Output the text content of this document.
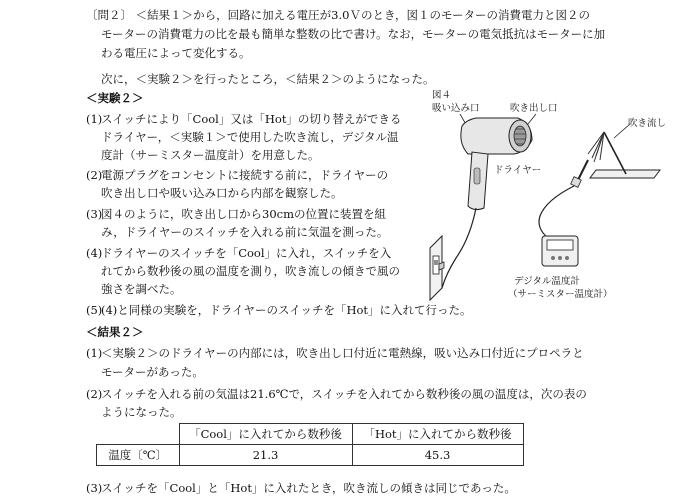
〔問２〕 ＜結果１＞から，回路に加える電圧が3.0Ｖのとき，図１のモーターの消費電力と図２の
モーターの消費電力の比を最も簡単な整数の比で書け。なお，モーターの電気抵抗はモーターに加
わる電圧によって変化する。
次に，＜実験２＞を行ったところ，＜結果２＞のようになった。
＜実験２＞
(1)
スイッチにより「Cool」又は「Hot」の切り替えができる
ドライヤー，＜実験１＞で使用した吹き流し，デジタル温
度計（サーミスター温度計）を用意した。
(2)
電源プラグをコンセントに接続する前に，ドライヤーの
吹き出し口や吸い込み口から内部を観察した。
(3)
図４のように，吹き出し口から30cmの位置に装置を組
み，ドライヤーのスイッチを入れる前に気温を測った。
(4)
ドライヤーのスイッチを「Cool」に入れ，スイッチを入
れてから数秒後の風の温度を測り，吹き流しの傾きで風の
強さを調べた。
(5)
(4)と同様の実験を，ドライヤーのスイッチを「Hot」に入れて行った。
図４
吸い込み口	吹き出し口
吹き流し
ドライヤー
デジタル温度計
（サーミスター温度計）
＜結果２＞
(1)
＜実験２＞のドライヤーの内部には，吹き出し口付近に電熱線，吸い込み口付近にプロペラと
モーターがあった。
(2)
スイッチを入れる前の気温は21.6℃で，スイッチを入れてから数秒後の風の温度は，次の表の
ようになった。
	「Cool」に入れてから数秒後	「Hot」に入れてから数秒後
温度〔℃〕	21.3	45.3
(3)
スイッチを「Cool」と「Hot」に入れたとき，吹き流しの傾きは同じであった。
